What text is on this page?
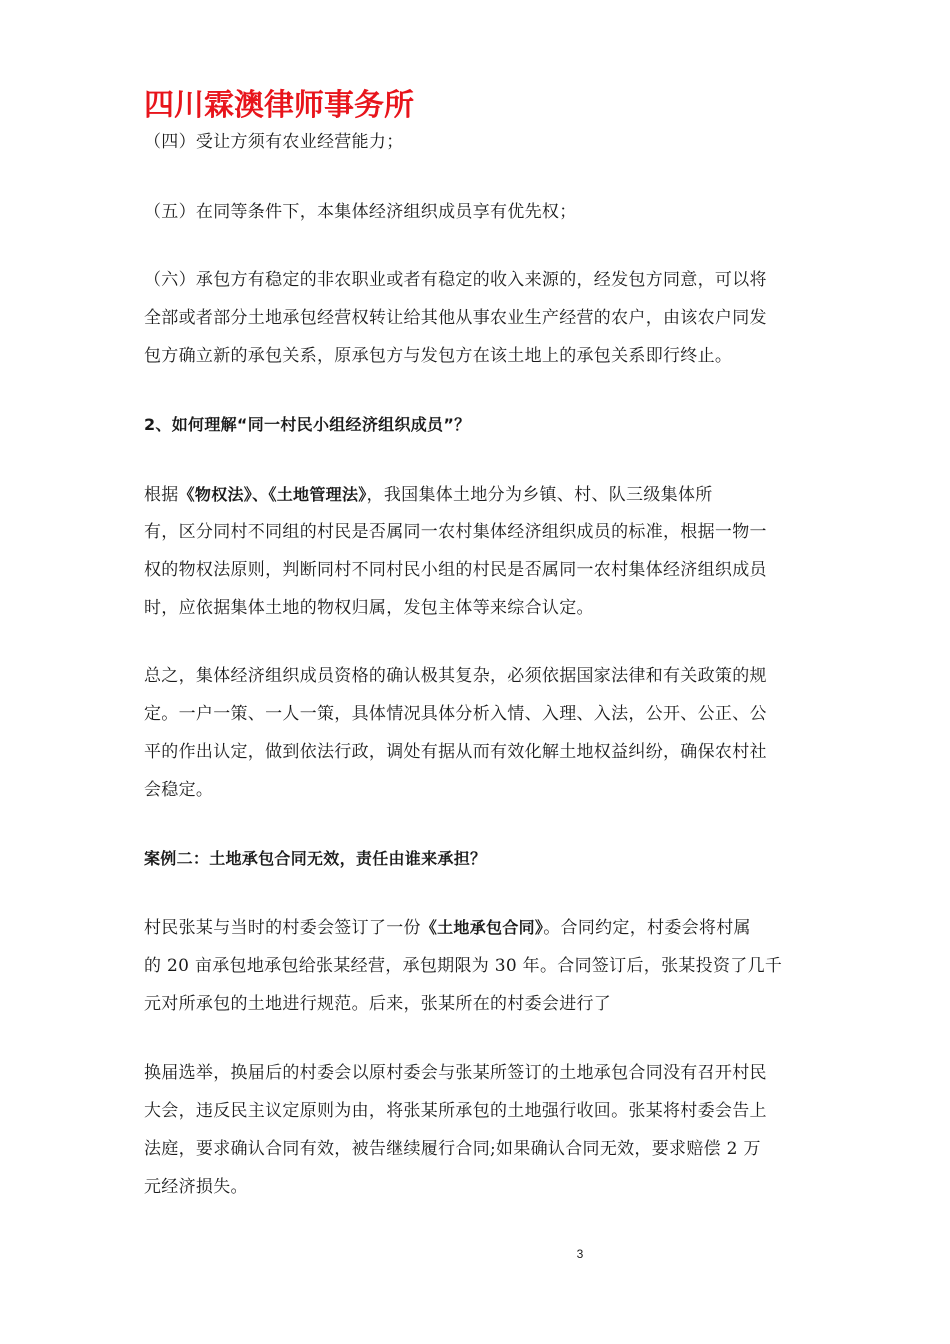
四川霖澳律师事务所
（四）受让方须有农业经营能力；
（五）在同等条件下，本集体经济组织成员享有优先权；
（六）承包方有稳定的非农职业或者有稳定的收入来源的，经发包方同意，可以将
全部或者部分土地承包经营权转让给其他从事农业生产经营的农户，由该农户同发
包方确立新的承包关系，原承包方与发包方在该土地上的承包关系即行终止。
2、如何理解“同一村民小组经济组织成员”？
根据《物权法》、《土地管理法》，我国集体土地分为乡镇、村、队三级集体所
有，区分同村不同组的村民是否属同一农村集体经济组织成员的标准，根据一物一
权的物权法原则，判断同村不同村民小组的村民是否属同一农村集体经济组织成员
时，应依据集体土地的物权归属，发包主体等来综合认定。
总之，集体经济组织成员资格的确认极其复杂，必须依据国家法律和有关政策的规
定。一户一策、一人一策，具体情况具体分析入情、入理、入法，公开、公正、公
平的作出认定，做到依法行政，调处有据从而有效化解土地权益纠纷，确保农村社
会稳定。
案例二：土地承包合同无效，责任由谁来承担？
村民张某与当时的村委会签订了一份《土地承包合同》。合同约定，村委会将村属
的 20 亩承包地承包给张某经营，承包期限为 30 年。合同签订后，张某投资了几千
元对所承包的土地进行规范。后来，张某所在的村委会进行了
换届选举，换届后的村委会以原村委会与张某所签订的土地承包合同没有召开村民
大会，违反民主议定原则为由，将张某所承包的土地强行收回。张某将村委会告上
法庭，要求确认合同有效，被告继续履行合同;如果确认合同无效，要求赔偿 2 万
元经济损失。
3
